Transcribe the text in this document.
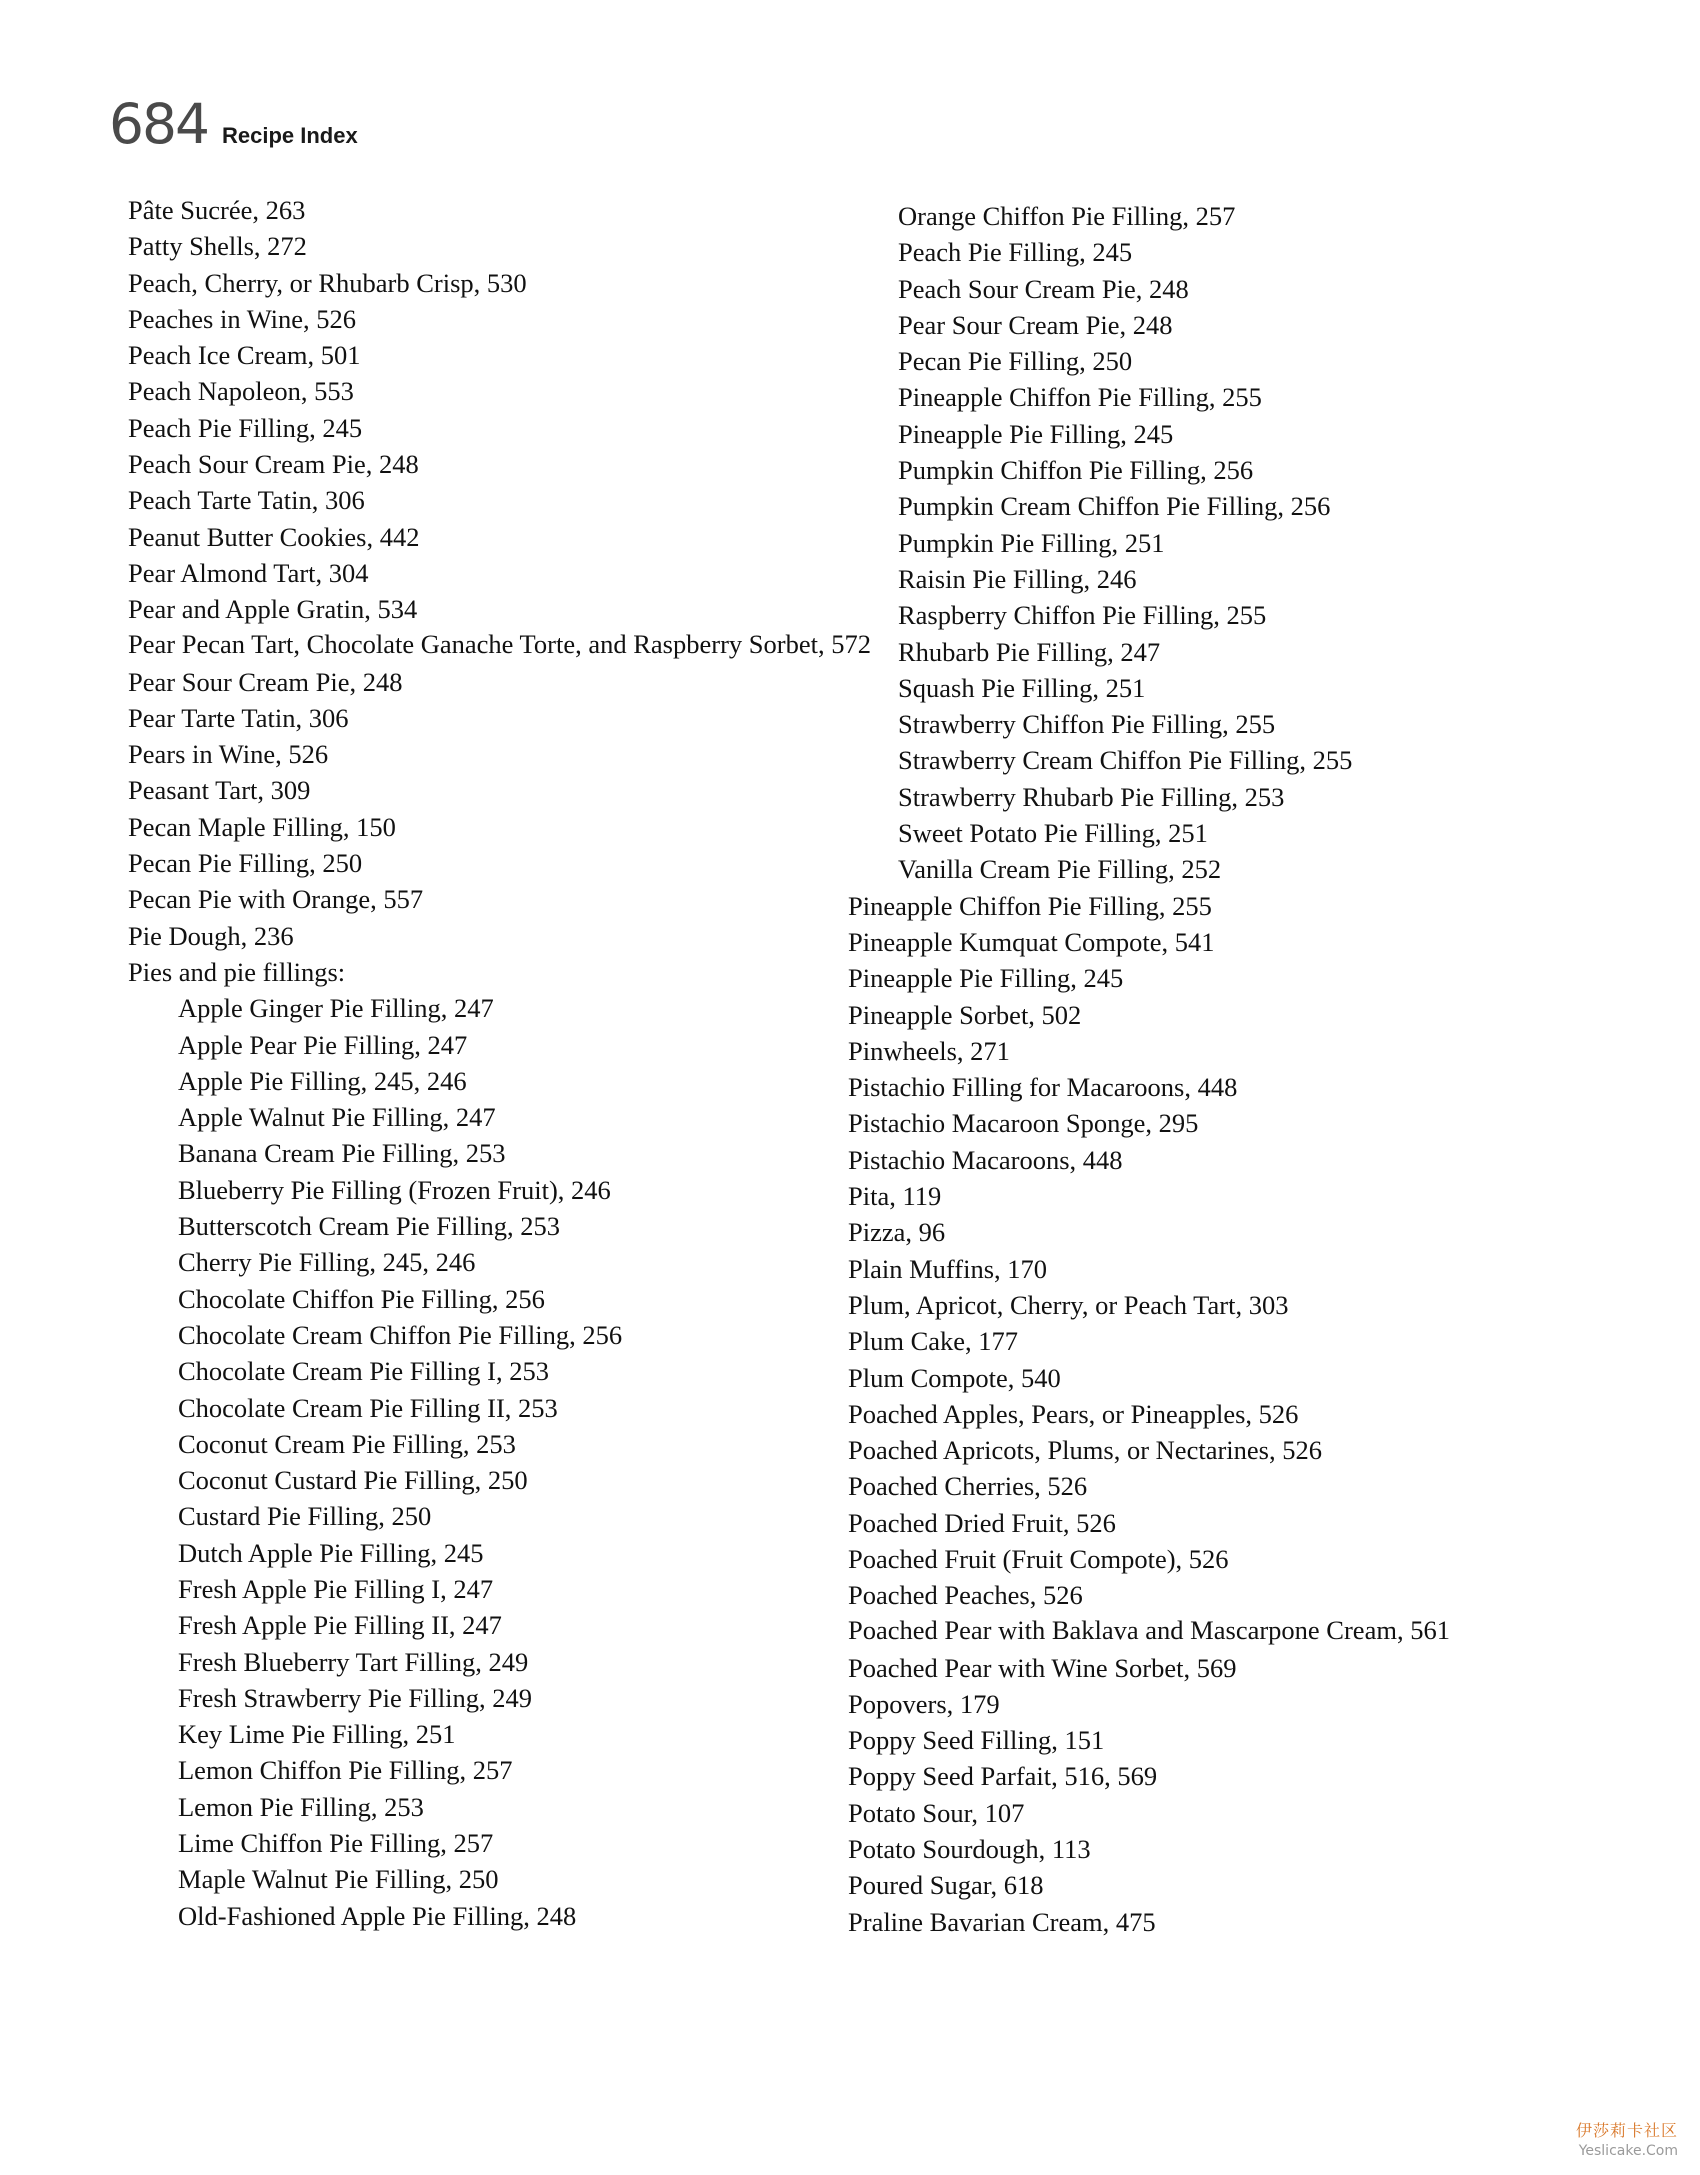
684 Recipe Index
Pâte Sucrée, 263
Patty Shells, 272
Peach, Cherry, or Rhubarb Crisp, 530
Peaches in Wine, 526
Peach Ice Cream, 501
Peach Napoleon, 553
Peach Pie Filling, 245
Peach Sour Cream Pie, 248
Peach Tarte Tatin, 306
Peanut Butter Cookies, 442
Pear Almond Tart, 304
Pear and Apple Gratin, 534
Pear Pecan Tart, Chocolate Ganache Torte, and Raspberry Sorbet, 572
Pear Sour Cream Pie, 248
Pear Tarte Tatin, 306
Pears in Wine, 526
Peasant Tart, 309
Pecan Maple Filling, 150
Pecan Pie Filling, 250
Pecan Pie with Orange, 557
Pie Dough, 236
Pies and pie fillings:
Apple Ginger Pie Filling, 247
Apple Pear Pie Filling, 247
Apple Pie Filling, 245, 246
Apple Walnut Pie Filling, 247
Banana Cream Pie Filling, 253
Blueberry Pie Filling (Frozen Fruit), 246
Butterscotch Cream Pie Filling, 253
Cherry Pie Filling, 245, 246
Chocolate Chiffon Pie Filling, 256
Chocolate Cream Chiffon Pie Filling, 256
Chocolate Cream Pie Filling I, 253
Chocolate Cream Pie Filling II, 253
Coconut Cream Pie Filling, 253
Coconut Custard Pie Filling, 250
Custard Pie Filling, 250
Dutch Apple Pie Filling, 245
Fresh Apple Pie Filling I, 247
Fresh Apple Pie Filling II, 247
Fresh Blueberry Tart Filling, 249
Fresh Strawberry Pie Filling, 249
Key Lime Pie Filling, 251
Lemon Chiffon Pie Filling, 257
Lemon Pie Filling, 253
Lime Chiffon Pie Filling, 257
Maple Walnut Pie Filling, 250
Old-Fashioned Apple Pie Filling, 248
Orange Chiffon Pie Filling, 257
Peach Pie Filling, 245
Peach Sour Cream Pie, 248
Pear Sour Cream Pie, 248
Pecan Pie Filling, 250
Pineapple Chiffon Pie Filling, 255
Pineapple Pie Filling, 245
Pumpkin Chiffon Pie Filling, 256
Pumpkin Cream Chiffon Pie Filling, 256
Pumpkin Pie Filling, 251
Raisin Pie Filling, 246
Raspberry Chiffon Pie Filling, 255
Rhubarb Pie Filling, 247
Squash Pie Filling, 251
Strawberry Chiffon Pie Filling, 255
Strawberry Cream Chiffon Pie Filling, 255
Strawberry Rhubarb Pie Filling, 253
Sweet Potato Pie Filling, 251
Vanilla Cream Pie Filling, 252
Pineapple Chiffon Pie Filling, 255
Pineapple Kumquat Compote, 541
Pineapple Pie Filling, 245
Pineapple Sorbet, 502
Pinwheels, 271
Pistachio Filling for Macaroons, 448
Pistachio Macaroon Sponge, 295
Pistachio Macaroons, 448
Pita, 119
Pizza, 96
Plain Muffins, 170
Plum, Apricot, Cherry, or Peach Tart, 303
Plum Cake, 177
Plum Compote, 540
Poached Apples, Pears, or Pineapples, 526
Poached Apricots, Plums, or Nectarines, 526
Poached Cherries, 526
Poached Dried Fruit, 526
Poached Fruit (Fruit Compote), 526
Poached Peaches, 526
Poached Pear with Baklava and Mascarpone Cream, 561
Poached Pear with Wine Sorbet, 569
Popovers, 179
Poppy Seed Filling, 151
Poppy Seed Parfait, 516, 569
Potato Sour, 107
Potato Sourdough, 113
Poured Sugar, 618
Praline Bavarian Cream, 475
伊莎莉卡社区
Yeslicake.Com
